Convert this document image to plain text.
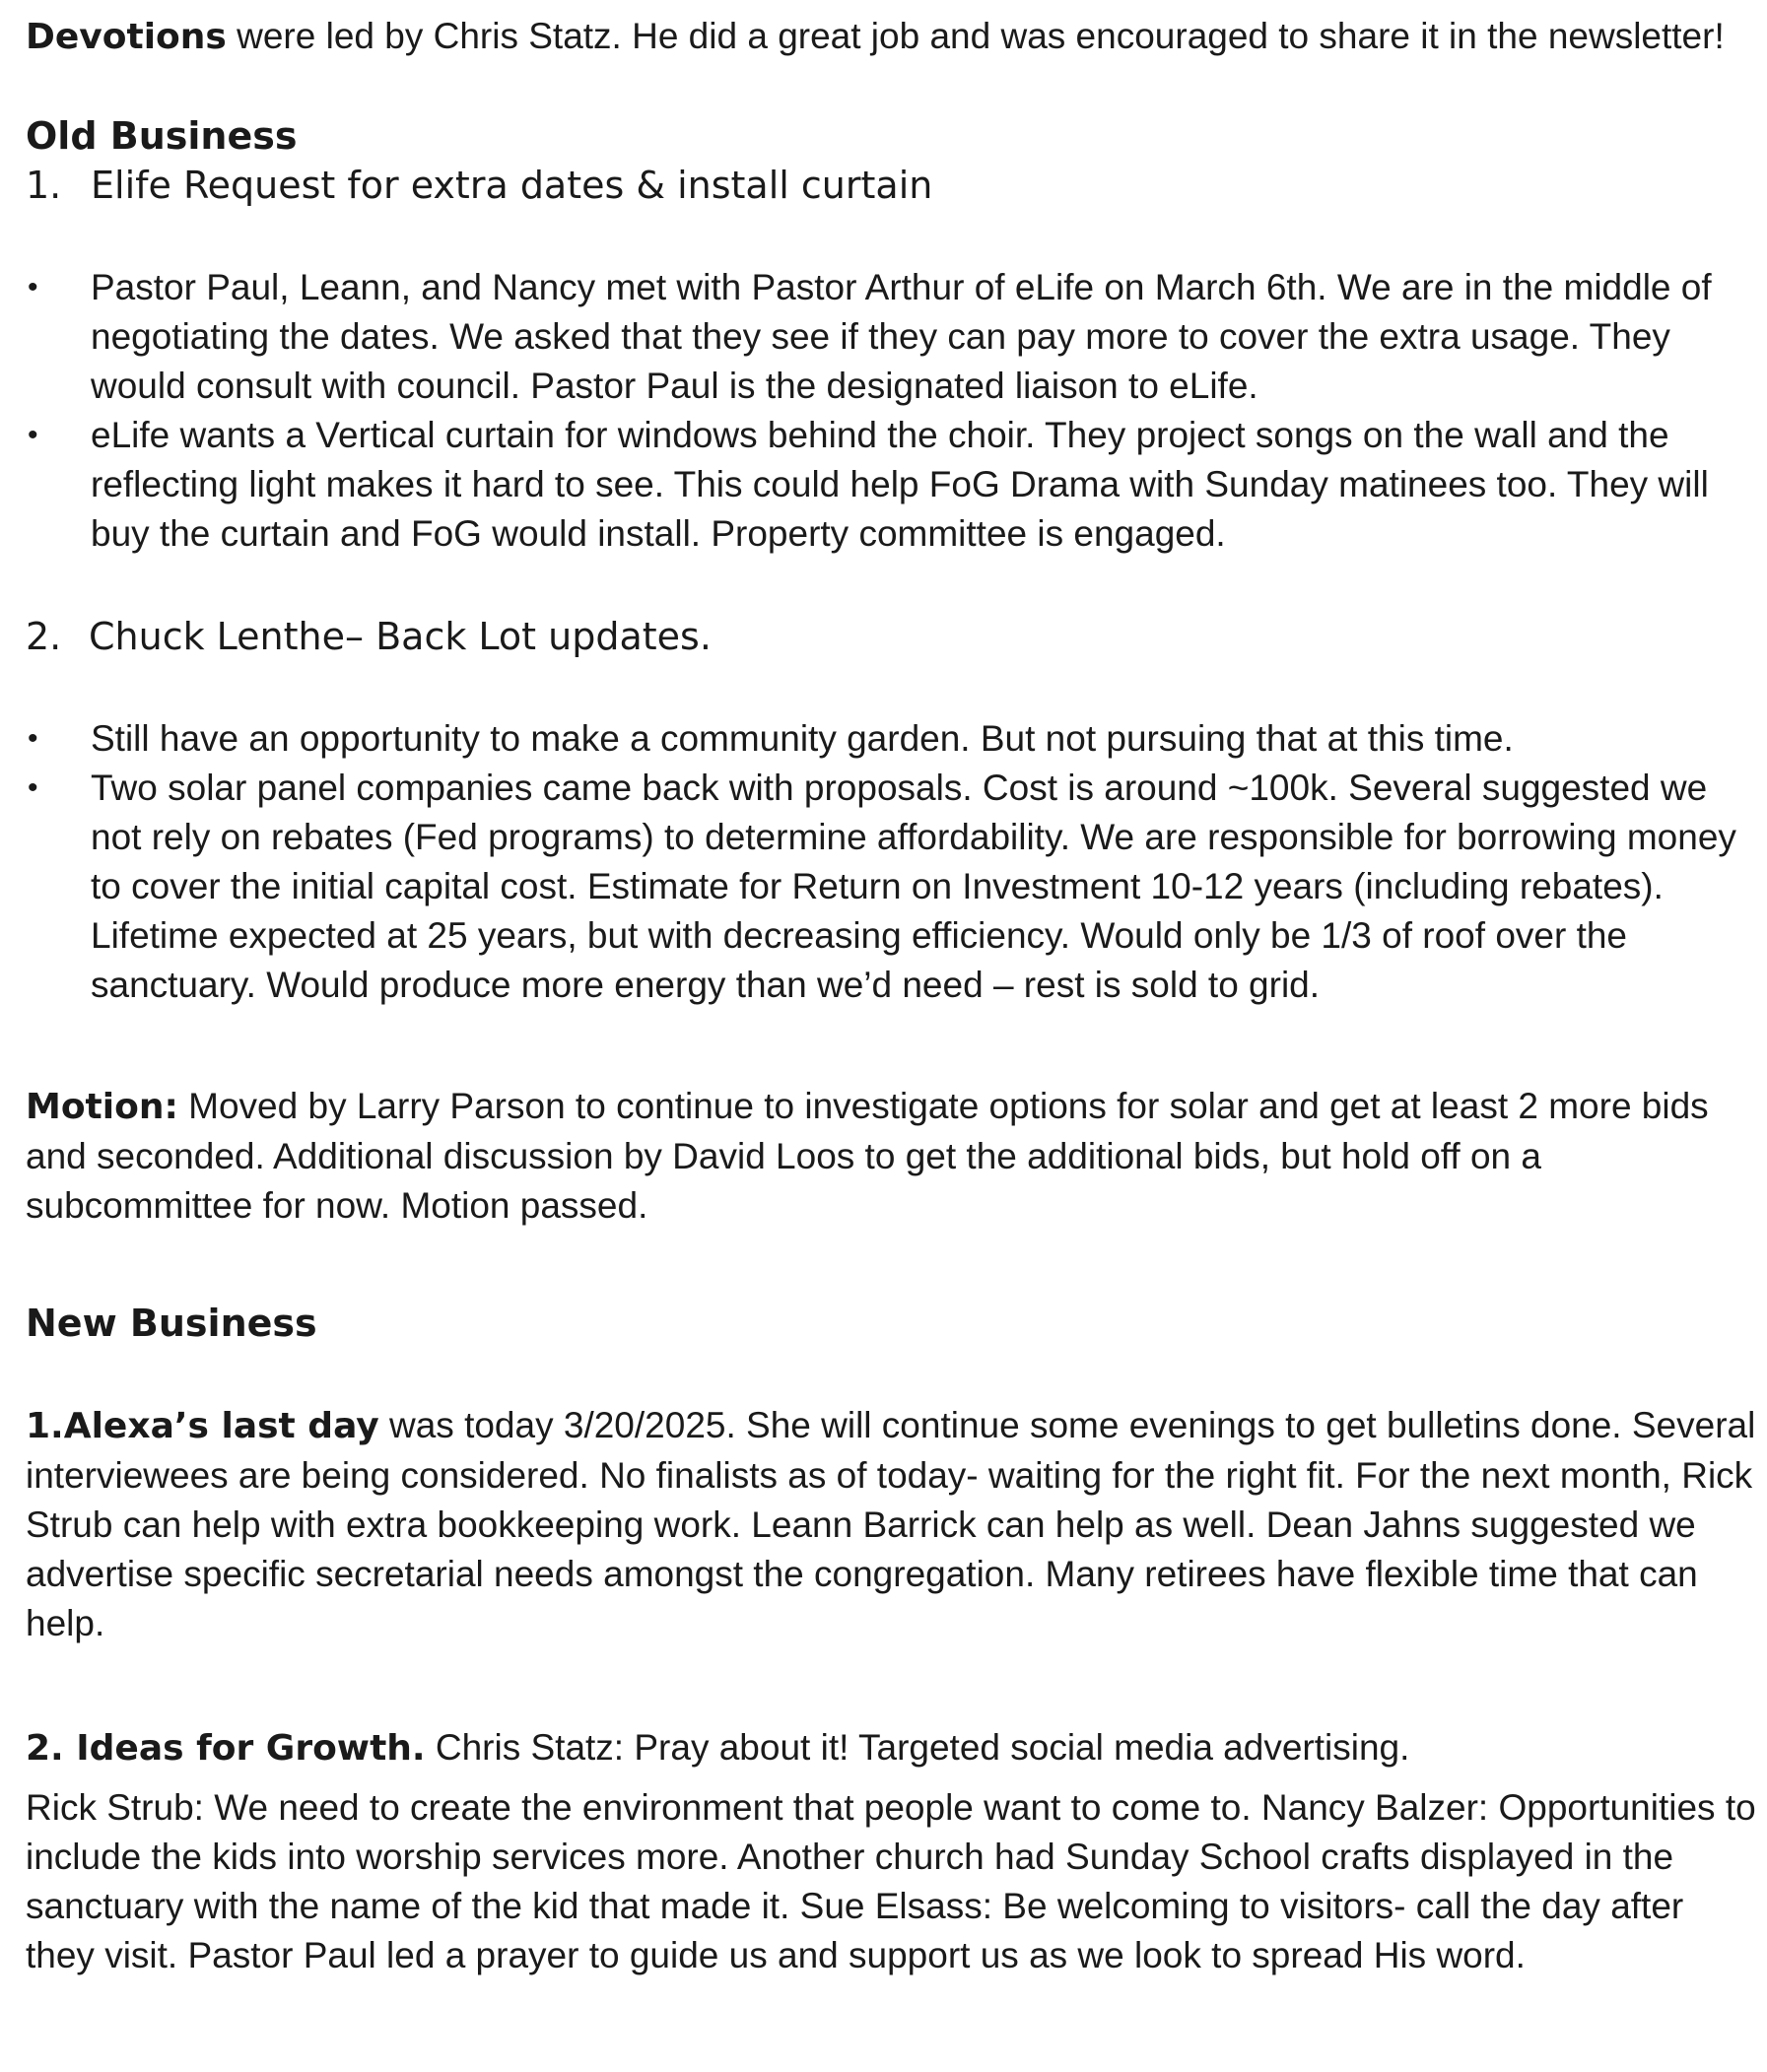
Devotions were led by Chris Statz. He did a great job and was encouraged to share it in the newsletter!

Old Business

1. Elife Request for extra dates & install curtain
• Pastor Paul, Leann, and Nancy met with Pastor Arthur of eLife on March 6th. We are in the middle of negotiating the dates. We asked that they see if they can pay more to cover the extra usage. They would consult with council. Pastor Paul is the designated liaison to eLife.
• eLife wants a Vertical curtain for windows behind the choir. They project songs on the wall and the reflecting light makes it hard to see. This could help FoG Drama with Sunday matinees too. They will buy the curtain and FoG would install. Property committee is engaged.
2. Chuck Lenthe– Back Lot updates.
• Still have an opportunity to make a community garden. But not pursuing that at this time.
• Two solar panel companies came back with proposals. Cost is around ~100k. Several suggested we not rely on rebates (Fed programs) to determine affordability. We are responsible for borrowing money to cover the initial capital cost. Estimate for Return on Investment 10-12 years (including rebates). Lifetime expected at 25 years, but with decreasing efficiency. Would only be 1/3 of roof over the sanctuary. Would produce more energy than we’d need – rest is sold to grid.

Motion: Moved by Larry Parson to continue to investigate options for solar and get at least 2 more bids and seconded. Additional discussion by David Loos to get the additional bids, but hold off on a subcommittee for now. Motion passed.

New Business

1.Alexa’s last day was today 3/20/2025. She will continue some evenings to get bulletins done. Several interviewees are being considered. No finalists as of today- waiting for the right fit. For the next month, Rick Strub can help with extra bookkeeping work. Leann Barrick can help as well. Dean Jahns suggested we advertise specific secretarial needs amongst the congregation. Many retirees have flexible time that can help.

2. Ideas for Growth. Chris Statz: Pray about it! Targeted social media advertising.

Rick Strub: We need to create the environment that people want to come to. Nancy Balzer: Opportunities to include the kids into worship services more. Another church had Sunday School crafts displayed in the sanctuary with the name of the kid that made it. Sue Elsass: Be welcoming to visitors- call the day after they visit. Pastor Paul led a prayer to guide us and support us as we look to spread His word.
